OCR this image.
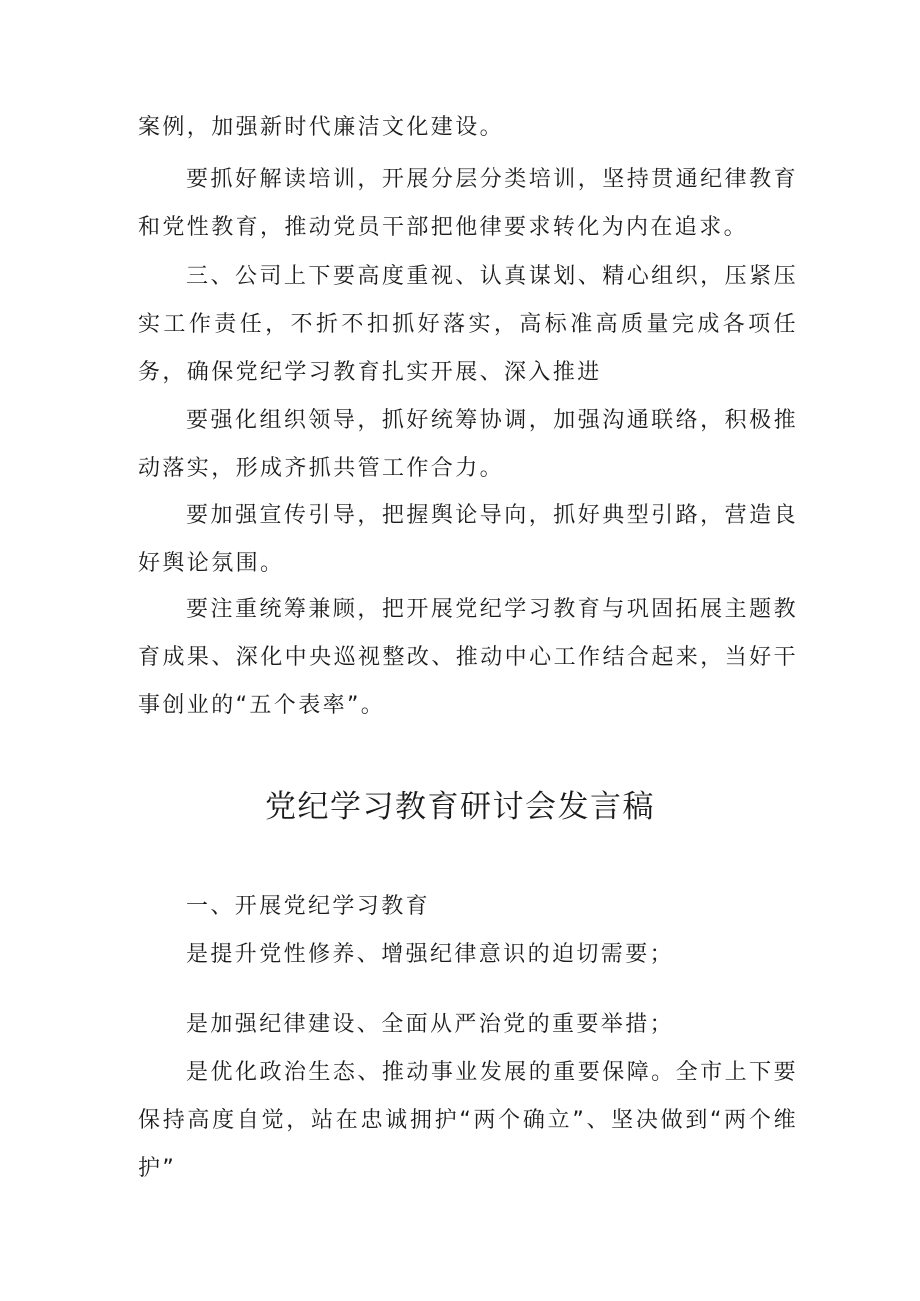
案例，加强新时代廉洁文化建设。

要抓好解读培训，开展分层分类培训，坚持贯通纪律教育和党性教育，推动党员干部把他律要求转化为内在追求。

三、公司上下要高度重视、认真谋划、精心组织，压紧压实工作责任，不折不扣抓好落实，高标准高质量完成各项任务，确保党纪学习教育扎实开展、深入推进

要强化组织领导，抓好统筹协调，加强沟通联络，积极推动落实，形成齐抓共管工作合力。

要加强宣传引导，把握舆论导向，抓好典型引路，营造良好舆论氛围。

要注重统筹兼顾，把开展党纪学习教育与巩固拓展主题教育成果、深化中央巡视整改、推动中心工作结合起来，当好干事创业的“五个表率”。

党纪学习教育研讨会发言稿

一、开展党纪学习教育

是提升党性修养、增强纪律意识的迫切需要；

是加强纪律建设、全面从严治党的重要举措；

是优化政治生态、推动事业发展的重要保障。全市上下要保持高度自觉，站在忠诚拥护“两个确立”、坚决做到“两个维护”
